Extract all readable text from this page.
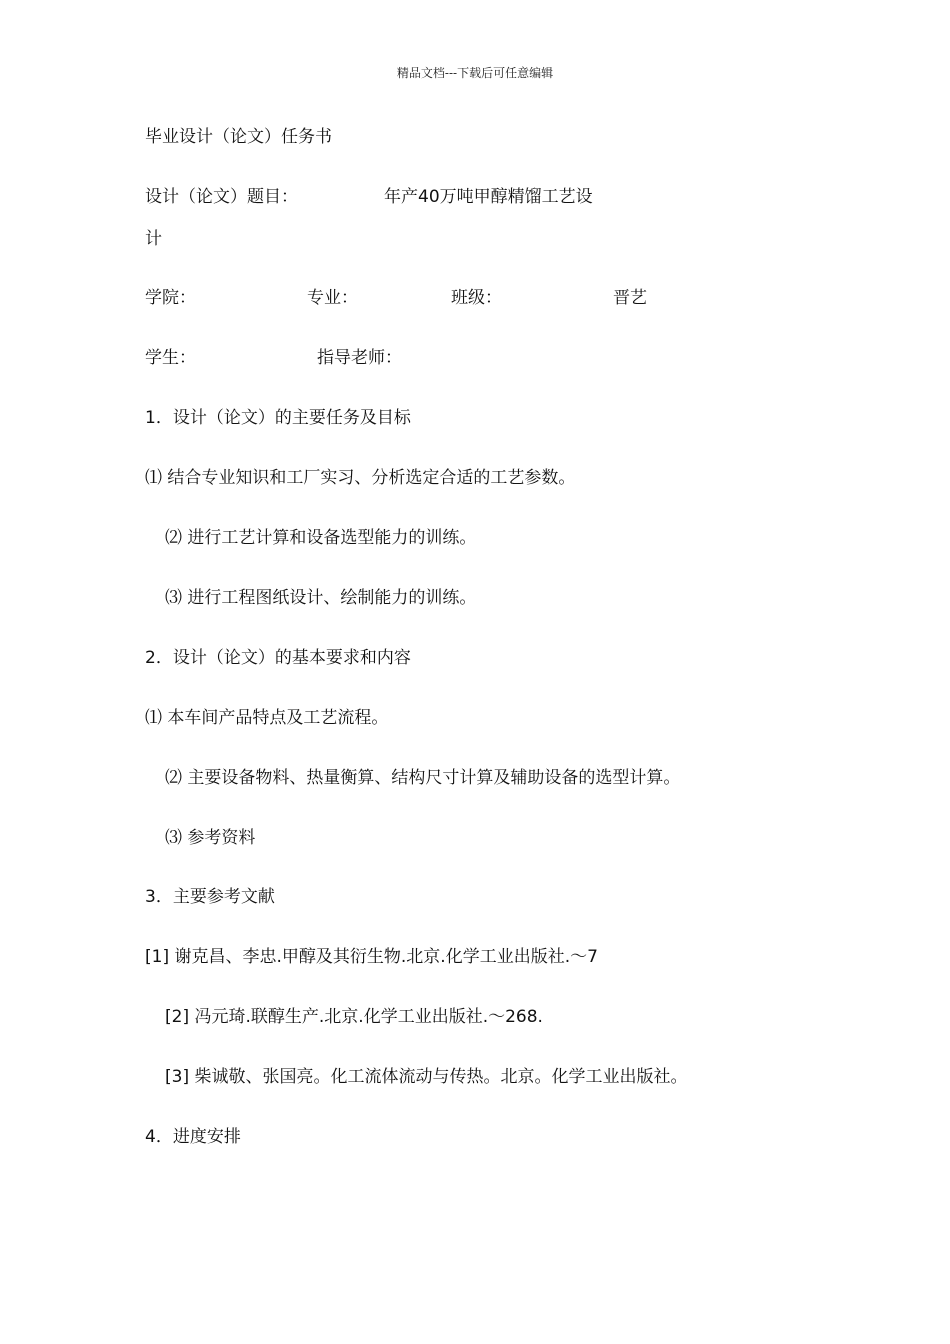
精品文档---下载后可任意编辑
毕业设计（论文）任务书
设计（论文）题目：	年产40万吨甲醇精馏工艺设
计
学院：	专业：	班级：	晋艺
学生：	指导老师：
1．设计（论文）的主要任务及目标
⑴ 结合专业知识和工厂实习、分析选定合适的工艺参数。
⑵ 进行工艺计算和设备选型能力的训练。
⑶ 进行工程图纸设计、绘制能力的训练。
2．设计（论文）的基本要求和内容
⑴ 本车间产品特点及工艺流程。
⑵ 主要设备物料、热量衡算、结构尺寸计算及辅助设备的选型计算。
⑶ 参考资料
3．主要参考文献
[1] 谢克昌、李忠.甲醇及其衍生物.北京.化学工业出版社.～7
[2] 冯元琦.联醇生产.北京.化学工业出版社.～268.
[3] 柴诚敬、张国亮。化工流体流动与传热。北京。化学工业出版社。
4．进度安排
